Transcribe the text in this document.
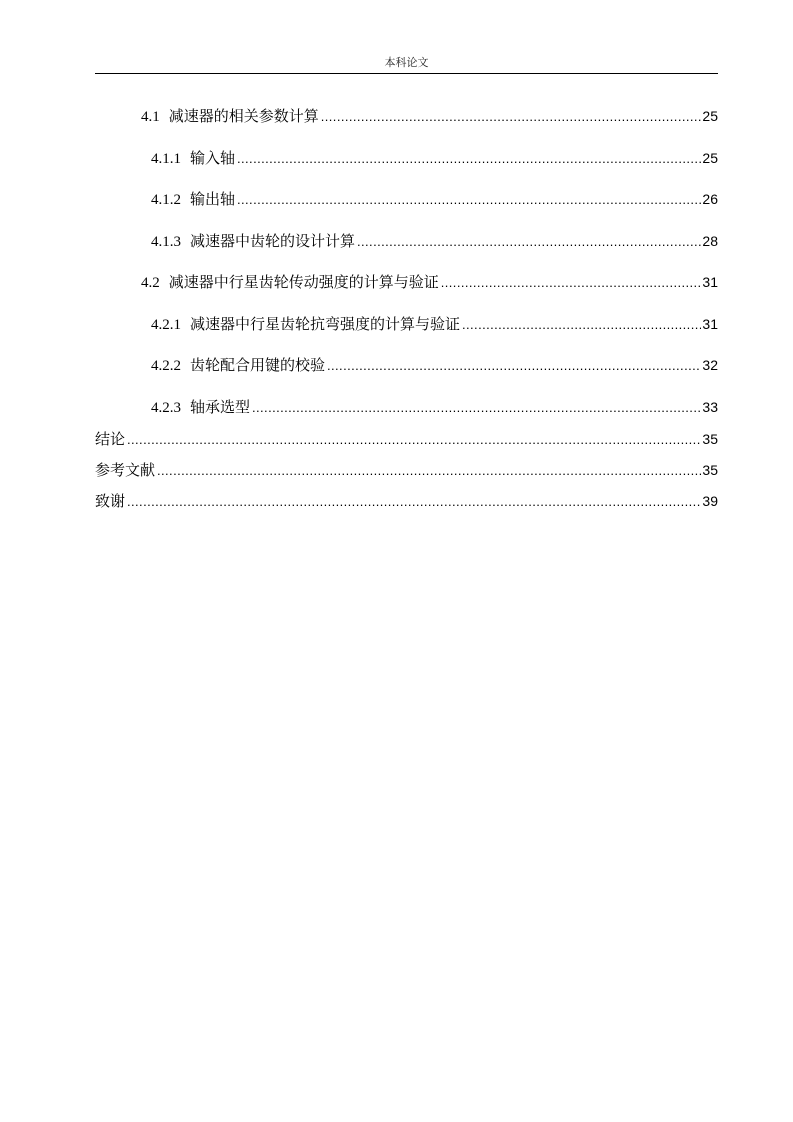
本科论文
4.1 减速器的相关参数计算 .....	25
4.1.1 输入轴 .....	25
4.1.2 输出轴 .....	26
4.1.3 减速器中齿轮的设计计算 .....	28
4.2 减速器中行星齿轮传动强度的计算与验证 .....	31
4.2.1 减速器中行星齿轮抗弯强度的计算与验证 .....	31
4.2.2 齿轮配合用键的校验 .....	32
4.2.3 轴承选型 .....	33
结论 .....	35
参考文献 .....	35
致谢 .....	39
